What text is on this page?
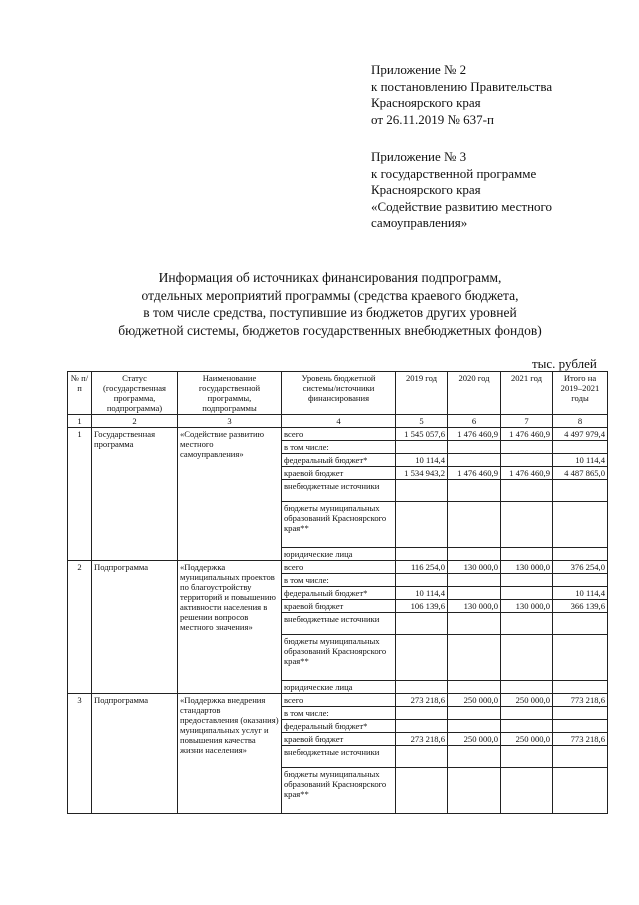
Приложение № 2
к постановлению Правительства
Красноярского края
от 26.11.2019 № 637-п
Приложение № 3
к государственной программе
Красноярского края
«Содействие развитию местного
самоуправления»
Информация об источниках финансирования подпрограмм,
отдельных мероприятий программы (средства краевого бюджета,
в том числе средства, поступившие из бюджетов других уровней
бюджетной системы, бюджетов государственных внебюджетных фондов)
тыс. рублей
№ п/п	Статус (государственная программа, подпрограмма)	Наименование государственной программы, подпрограммы	Уровень бюджетной системы/источники финансирования	2019 год	2020 год	2021 год	Итого на 2019–2021 годы
1	2	3	4	5	6	7	8
1	Государственная программа	«Содействие развитию местного самоуправления»	всего	1 545 057,6	1 476 460,9	1 476 460,9	4 497 979,4
			в том числе:				
			федеральный бюджет*	10 114,4			10 114,4
			краевой бюджет	1 534 943,2	1 476 460,9	1 476 460,9	4 487 865,0
			внебюджетные источники				
			бюджеты муниципальных образований Красноярского края**				
			юридические лица				
2	Подпрограмма	«Поддержка муниципальных проектов по благоустройству территорий и повышению активности населения в решении вопросов местного значения»	всего	116 254,0	130 000,0	130 000,0	376 254,0
			в том числе:				
			федеральный бюджет*	10 114,4			10 114,4
			краевой бюджет	106 139,6	130 000,0	130 000,0	366 139,6
			внебюджетные источники				
			бюджеты муниципальных образований Красноярского края**				
			юридические лица				
3	Подпрограмма	«Поддержка внедрения стандартов предоставления (оказания) муниципальных услуг и повышения качества жизни населения»	всего	273 218,6	250 000,0	250 000,0	773 218,6
			в том числе:				
			федеральный бюджет*				
			краевой бюджет	273 218,6	250 000,0	250 000,0	773 218,6
			внебюджетные источники				
			бюджеты муниципальных образований Красноярского края**				
